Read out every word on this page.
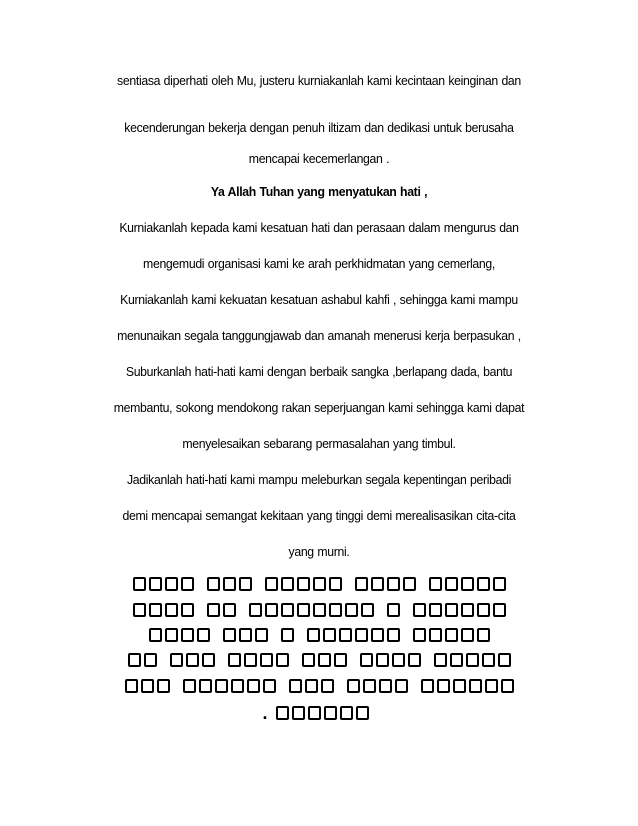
sentiasa diperhati oleh Mu, justeru kurniakanlah kami kecintaan keinginan dan
kecenderungan bekerja dengan penuh iltizam dan dedikasi untuk berusaha
mencapai kecemerlangan .
Ya Allah Tuhan yang menyatukan hati ,
Kurniakanlah kepada kami kesatuan hati dan perasaan dalam mengurus dan
mengemudi organisasi kami ke arah perkhidmatan yang cemerlang,
Kurniakanlah kami kekuatan kesatuan ashabul kahfi , sehingga kami mampu
menunaikan segala tanggungjawab dan amanah menerusi kerja berpasukan ,
Suburkanlah hati-hati kami dengan berbaik sangka ,berlapang dada, bantu
membantu, sokong mendokong rakan seperjuangan kami sehingga kami dapat
menyelesaikan sebarang permasalahan yang timbul.
Jadikanlah hati-hati kami mampu meleburkan segala kepentingan peribadi
demi mencapai semangat kekitaan yang tinggi demi merealisasikan cita-cita
yang murni.
.
